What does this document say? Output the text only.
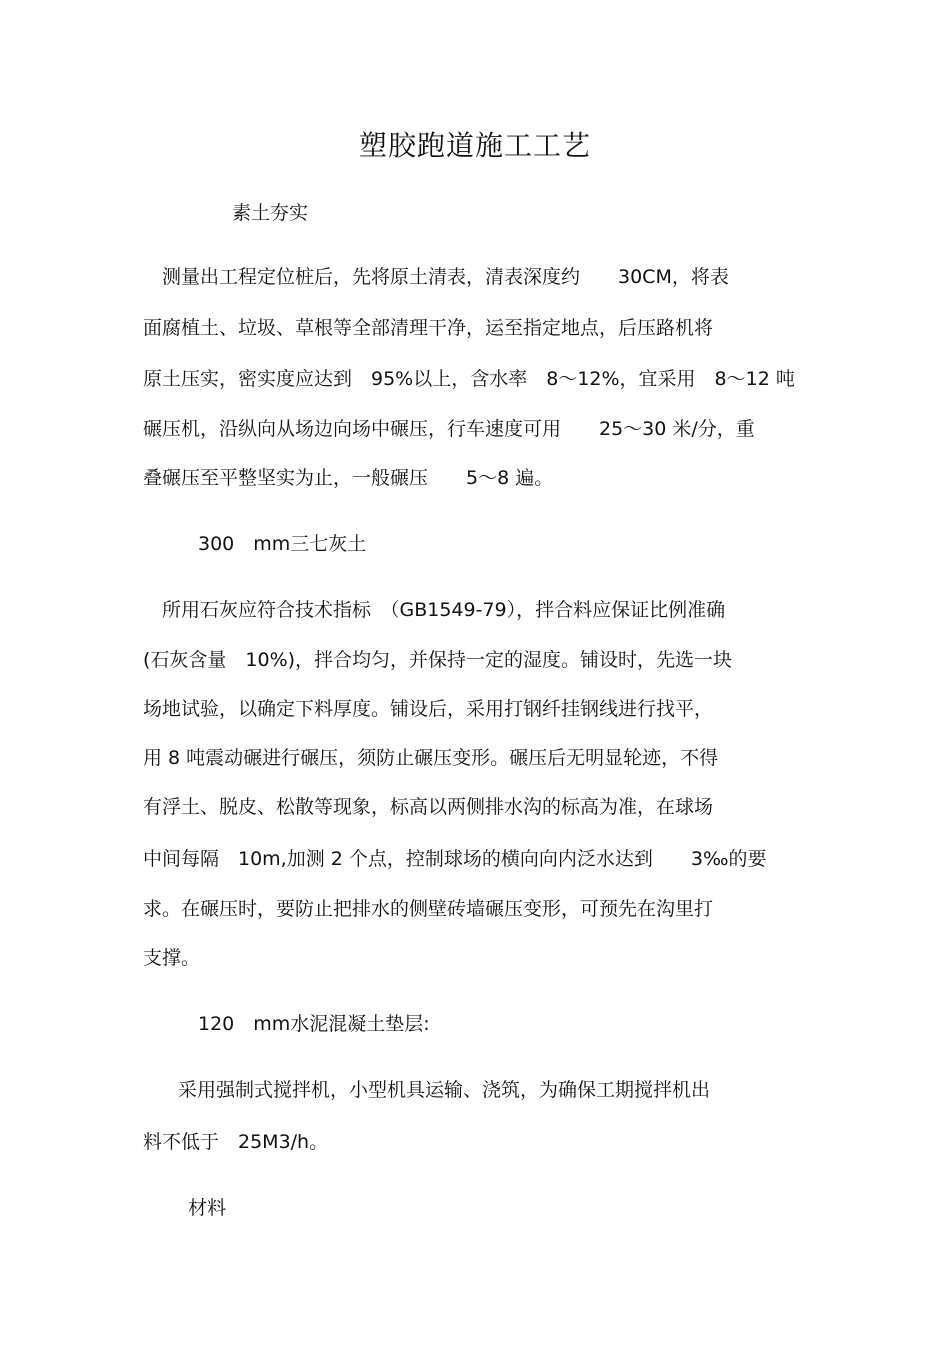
塑胶跑道施工工艺
素土夯实
　测量出工程定位桩后，先将原土清表，清表深度约　　30CM，将表
面腐植土、垃圾、草根等全部清理干净，运至指定地点，后压路机将
原土压实，密实度应达到　95%以上，含水率　8～12%，宜采用　8～12 吨
碾压机，沿纵向从场边向场中碾压，行车速度可用　　25～30 米/分，重
叠碾压至平整坚实为止，一般碾压　　5～8 遍。
300　mm三七灰土
　所用石灰应符合技术指标　（GB1549-79），拌合料应保证比例准确
(石灰含量　10%)，拌合均匀，并保持一定的湿度。铺设时，先选一块
场地试验，以确定下料厚度。铺设后，采用打钢纤挂钢线进行找平，
用 8 吨震动碾进行碾压，须防止碾压变形。碾压后无明显轮迹，不得
有浮土、脱皮、松散等现象，标高以两侧排水沟的标高为准，在球场
中间每隔　10m,加测 2 个点，控制球场的横向向内泛水达到　　3‰的要
求。在碾压时，要防止把排水的侧壁砖墙碾压变形，可预先在沟里打
支撑。
120　mm水泥混凝土垫层:
采用强制式搅拌机，小型机具运输、浇筑，为确保工期搅拌机出
料不低于　25M3/h。
材料
